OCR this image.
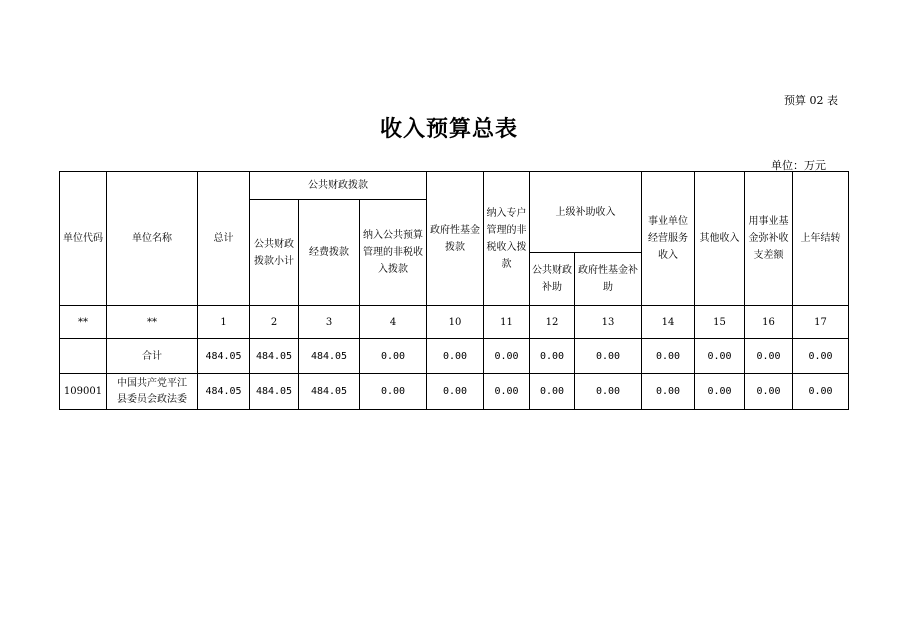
预算 02 表
收入预算总表
单位：万元
单位代码	单位名称	总计	公共财政拨款			政府性基金拨款	纳入专户管理的非税收入拨款	上级补助收入		事业单位经营服务收入	其他收入	用事业基金弥补收支差额	上年结转
			公共财政拨款小计	经费拨款	纳入公共预算管理的非税收入拨款								
								公共财政补助	政府性基金补助				
**	**	1	2	3	4	10	11	12	13	14	15	16	17
	合计	484.05	484.05	484.05	0.00	0.00	0.00	0.00	0.00	0.00	0.00	0.00	0.00
109001	中国共产党平江
县委员会政法委	484.05	484.05	484.05	0.00	0.00	0.00	0.00	0.00	0.00	0.00	0.00	0.00
